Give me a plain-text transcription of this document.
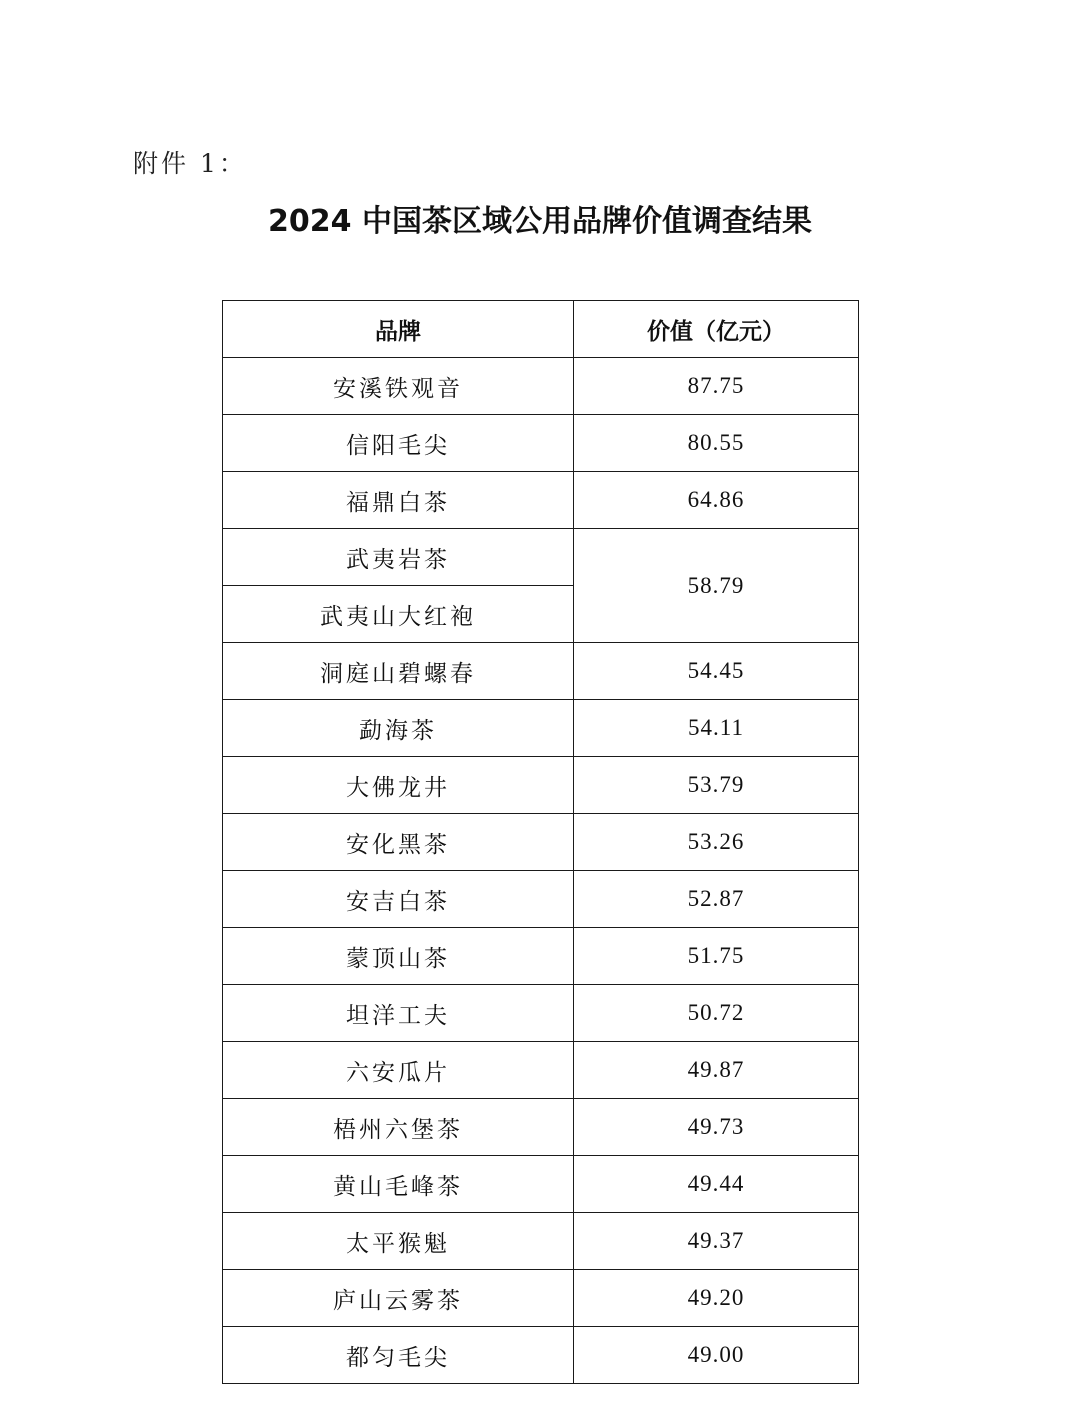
附件 1：
2024 中国茶区域公用品牌价值调查结果
品牌	价值（亿元）
安溪铁观音	87.75
信阳毛尖	80.55
福鼎白茶	64.86
武夷岩茶	58.79
武夷山大红袍	
洞庭山碧螺春	54.45
勐海茶	54.11
大佛龙井	53.79
安化黑茶	53.26
安吉白茶	52.87
蒙顶山茶	51.75
坦洋工夫	50.72
六安瓜片	49.87
梧州六堡茶	49.73
黄山毛峰茶	49.44
太平猴魁	49.37
庐山云雾茶	49.20
都匀毛尖	49.00
